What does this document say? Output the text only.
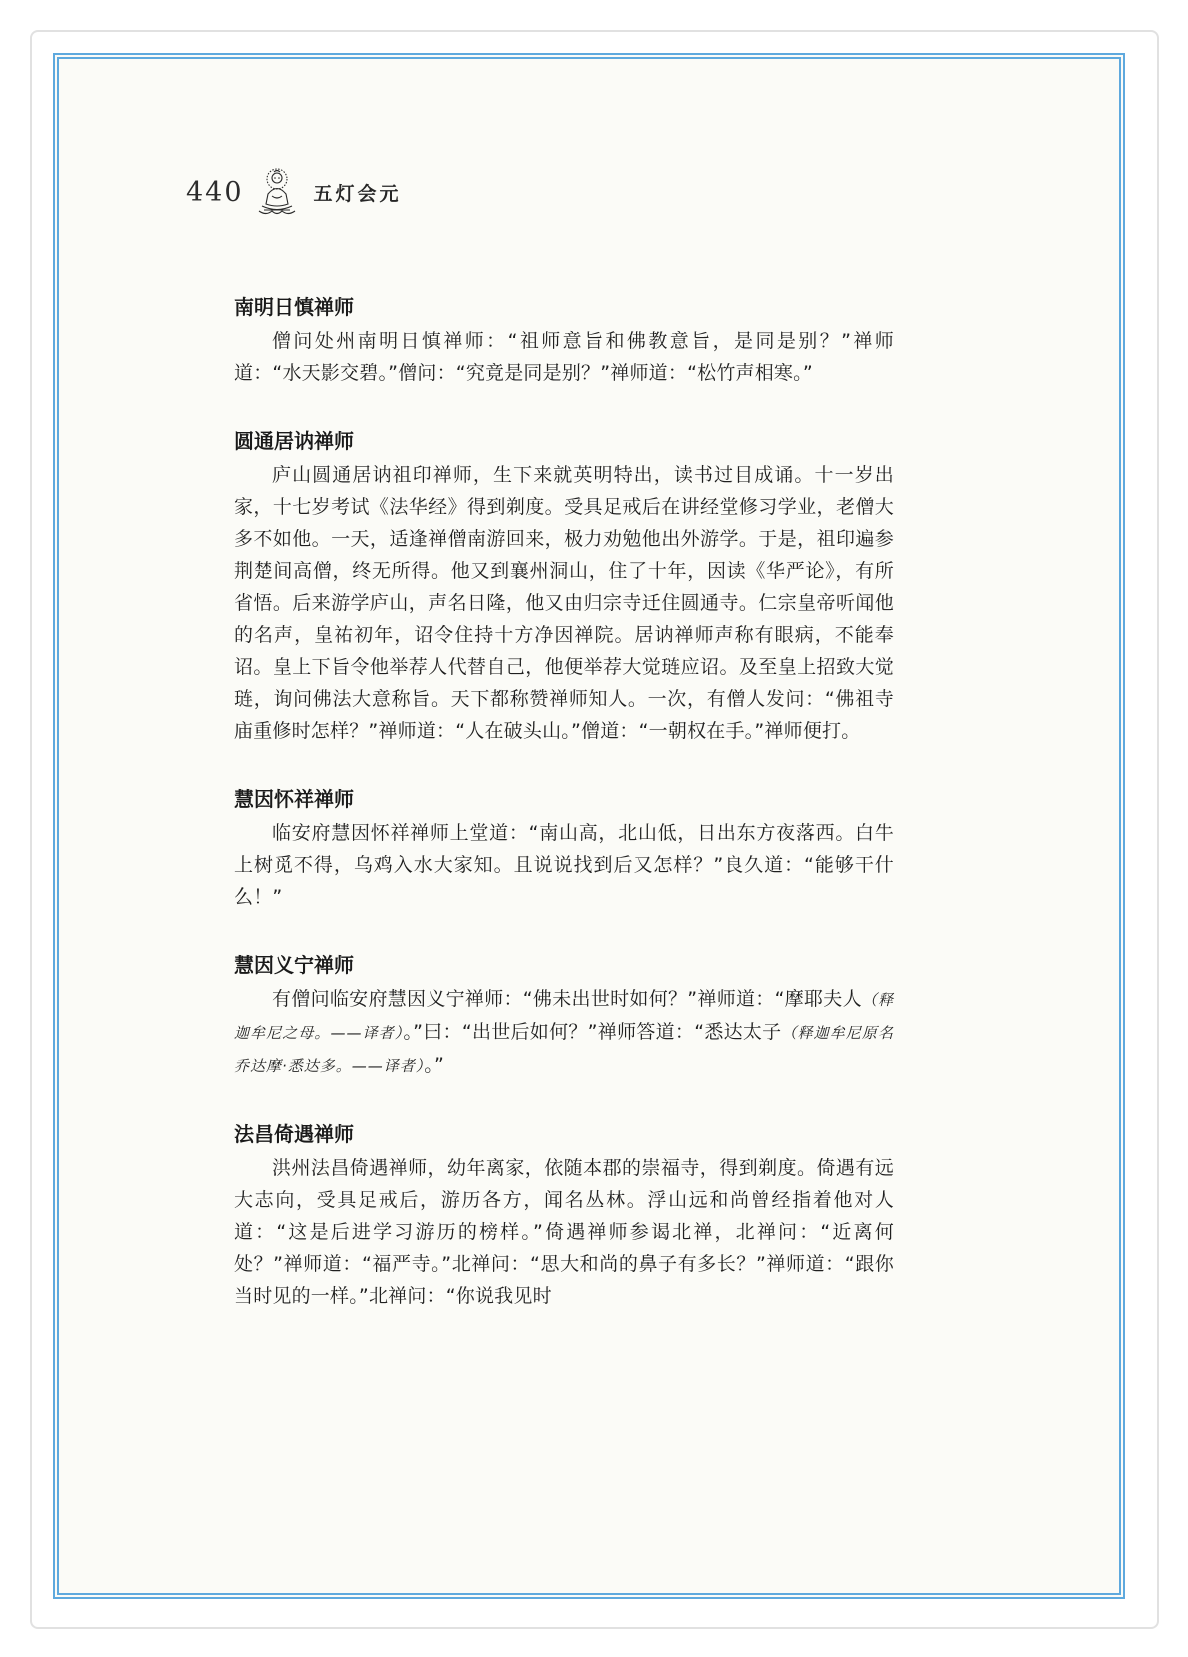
440	五灯会元
南明日慎禅师

僧问处州南明日慎禅师：“祖师意旨和佛教意旨，是同是别？”禅师道：“水天影交碧。”僧问：“究竟是同是别？”禅师道：“松竹声相寒。”

圆通居讷禅师

庐山圆通居讷祖印禅师，生下来就英明特出，读书过目成诵。十一岁出家，十七岁考试《法华经》得到剃度。受具足戒后在讲经堂修习学业，老僧大多不如他。一天，适逢禅僧南游回来，极力劝勉他出外游学。于是，祖印遍参荆楚间高僧，终无所得。他又到襄州洞山，住了十年，因读《华严论》，有所省悟。后来游学庐山，声名日隆，他又由归宗寺迁住圆通寺。仁宗皇帝听闻他的名声，皇祐初年，诏令住持十方净因禅院。居讷禅师声称有眼病，不能奉诏。皇上下旨令他举荐人代替自己，他便举荐大觉琏应诏。及至皇上招致大觉琏，询问佛法大意称旨。天下都称赞禅师知人。一次，有僧人发问：“佛祖寺庙重修时怎样？”禅师道：“人在破头山。”僧道：“一朝权在手。”禅师便打。

慧因怀祥禅师

临安府慧因怀祥禅师上堂道：“南山高，北山低，日出东方夜落西。白牛上树觅不得，乌鸡入水大家知。且说说找到后又怎样？”良久道：“能够干什么！”

慧因义宁禅师

有僧问临安府慧因义宁禅师：“佛未出世时如何？”禅师道：“摩耶夫人（释迦牟尼之母。——译者）。”曰：“出世后如何？”禅师答道：“悉达太子（释迦牟尼原名乔达摩·悉达多。——译者）。”

法昌倚遇禅师

洪州法昌倚遇禅师，幼年离家，依随本郡的崇福寺，得到剃度。倚遇有远大志向，受具足戒后，游历各方，闻名丛林。浮山远和尚曾经指着他对人道：“这是后进学习游历的榜样。”倚遇禅师参谒北禅，北禅问：“近离何处？”禅师道：“福严寺。”北禅问：“思大和尚的鼻子有多长？”禅师道：“跟你当时见的一样。”北禅问：“你说我见时
